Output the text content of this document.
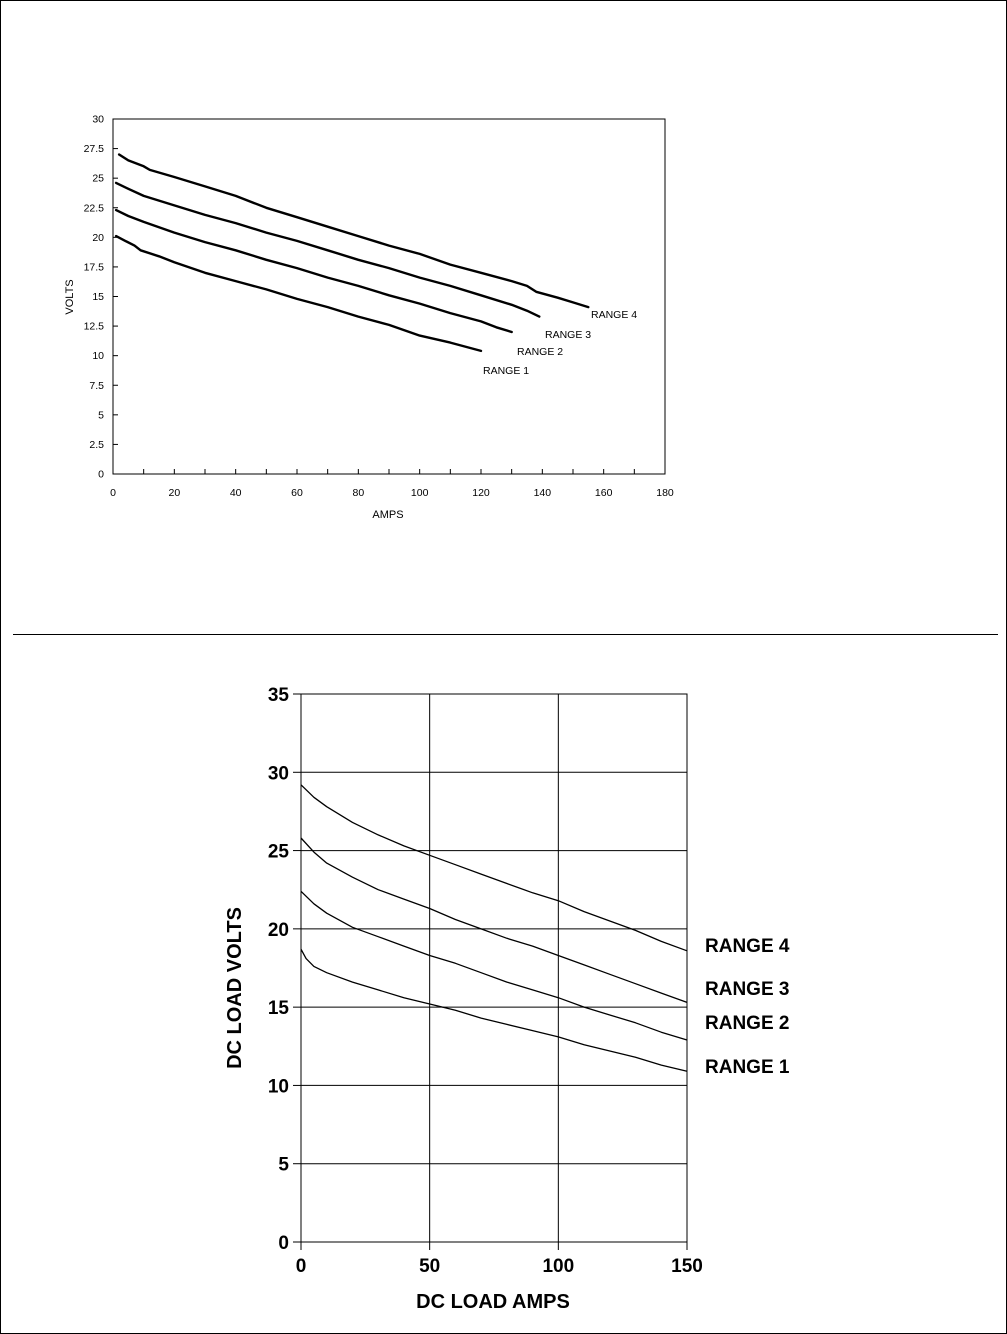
0
2.5
5
7.5
10
12.5
15
17.5
20
22.5
25
27.5
30
0	20	40	60	80	100	120	140	160	180
AMPS
VOLTS
RANGE 4
RANGE 3
RANGE 2
RANGE 1
0
5
10
15
20
25
30
35
0	50	100	150
DC LOAD AMPS
DC LOAD VOLTS	RANGE 4
RANGE 3
RANGE 2
RANGE 1
